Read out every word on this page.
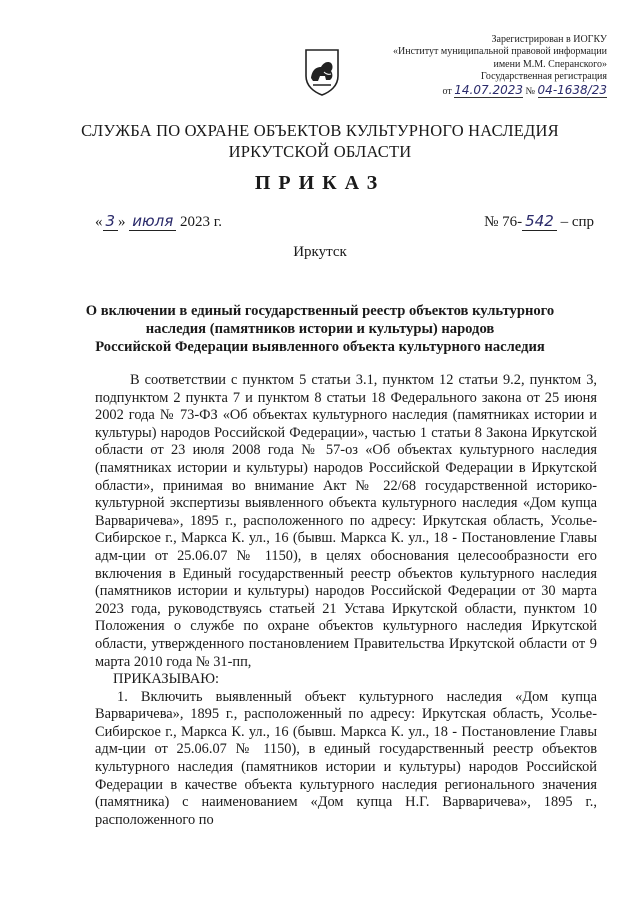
Зарегистрирован в ИОГКУ
«Институт муниципальной правовой информации
имени М.М. Сперанского»
Государственная регистрация
от 14.07.2023 № 04-1638/23
СЛУЖБА ПО ОХРАНЕ ОБЪЕКТОВ КУЛЬТУРНОГО НАСЛЕДИЯ
ИРКУТСКОЙ ОБЛАСТИ
ПРИКАЗ
« 3 » июля 2023 г.	№ 76- 542 – спр
Иркутск
О включении в единый государственный реестр объектов культурного
наследия (памятников истории и культуры) народов
Российской Федерации выявленного объекта культурного наследия

В соответствии с пунктом 5 статьи 3.1, пунктом 12 статьи 9.2, пунктом 3, подпунктом 2 пункта 7 и пунктом 8 статьи 18 Федерального закона от 25 июня 2002 года № 73-ФЗ «Об объектах культурного наследия (памятниках истории и культуры) народов Российской Федерации», частью 1 статьи 8 Закона Иркутской области от 23 июля 2008 года № 57-оз «Об объектах культурного наследия (памятниках истории и культуры) народов Российской Федерации в Иркутской области», принимая во внимание Акт № 22/68 государственной историко-культурной экспертизы выявленного объекта культурного наследия «Дом купца Варваричева», 1895 г., расположенного по адресу: Иркутская область, Усолье-Сибирское г., Маркса К. ул., 16 (бывш. Маркса К. ул., 18 - Постановление Главы адм-ции от 25.06.07 № 1150), в целях обоснования целесообразности его включения в Единый государственный реестр объектов культурного наследия (памятников истории и культуры) народов Российской Федерации от 30 марта 2023 года, руководствуясь статьей 21 Устава Иркутской области, пунктом 10 Положения о службе по охране объектов культурного наследия Иркутской области, утвержденного постановлением Правительства Иркутской области от 9 марта 2010 года № 31-пп,

ПРИКАЗЫВАЮ:

1. Включить выявленный объект культурного наследия «Дом купца Варваричева», 1895 г., расположенный по адресу: Иркутская область, Усолье-Сибирское г., Маркса К. ул., 16 (бывш. Маркса К. ул., 18 - Постановление Главы адм-ции от 25.06.07 № 1150), в единый государственный реестр объектов культурного наследия (памятников истории и культуры) народов Российской Федерации в качестве объекта культурного наследия регионального значения (памятника) с наименованием «Дом купца Н.Г. Варваричева», 1895 г., расположенного по
